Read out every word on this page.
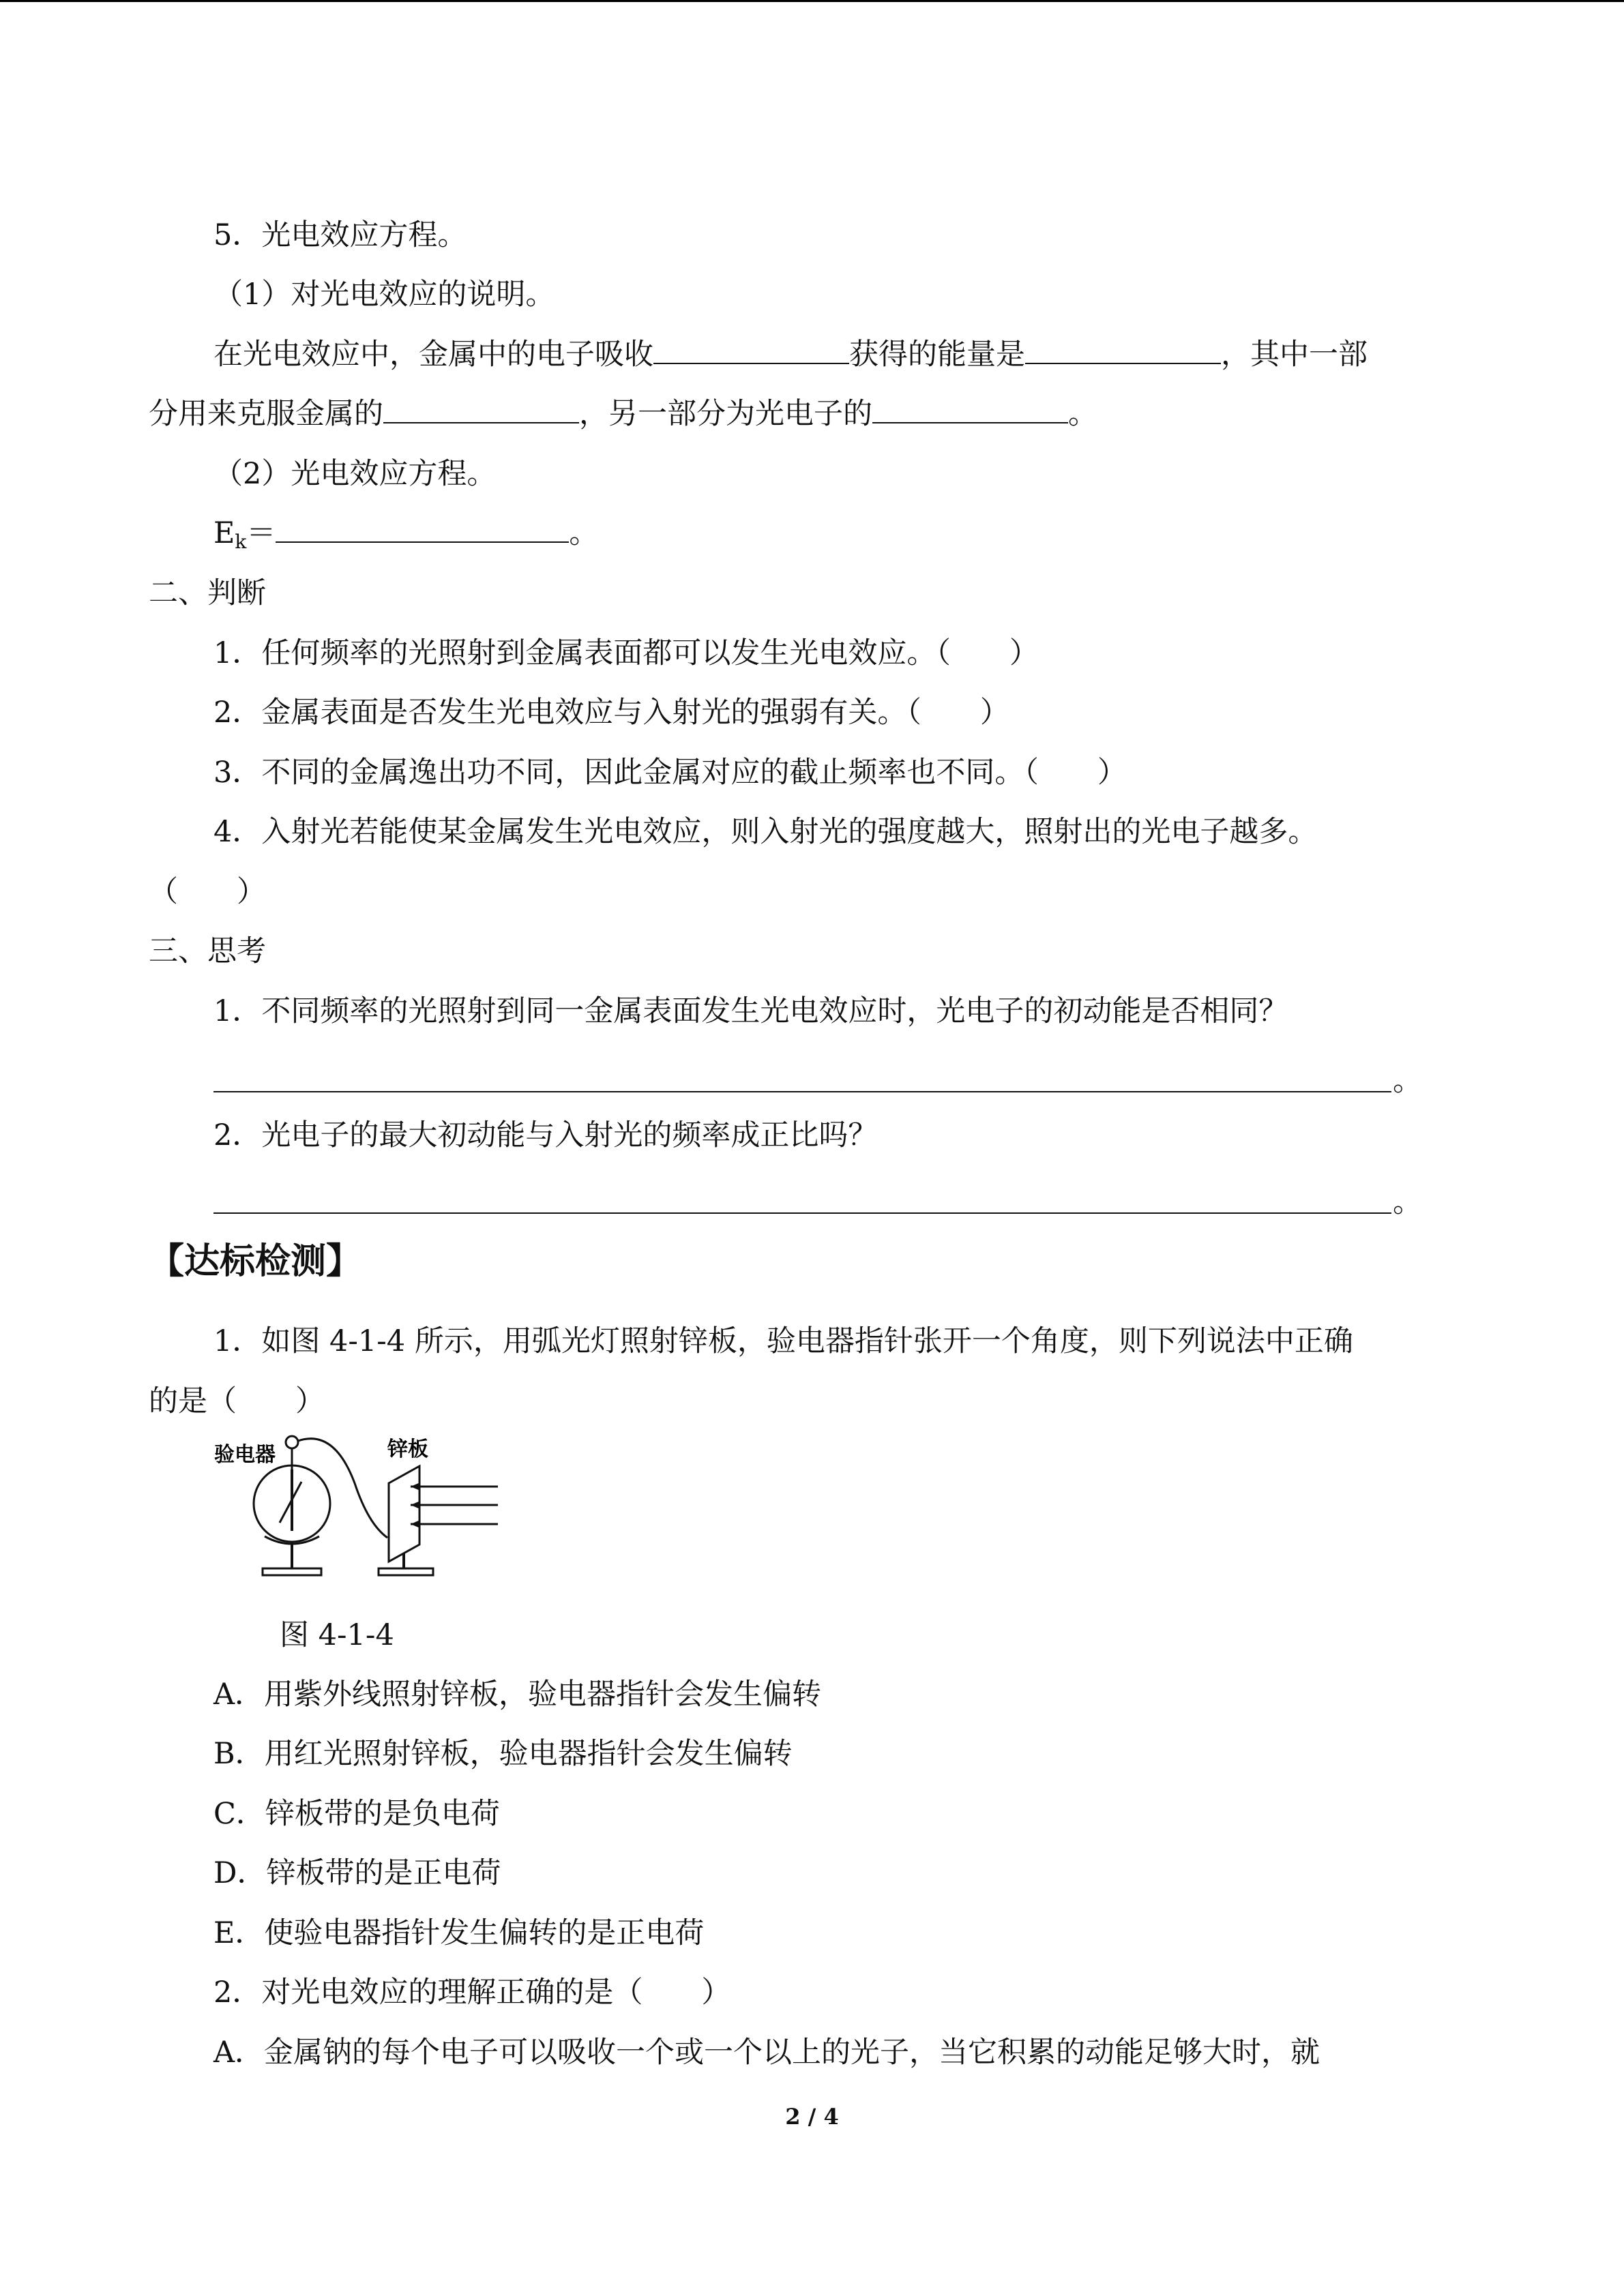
5．光电效应方程。
（1）对光电效应的说明。
在光电效应中，金属中的电子吸收	获得的能量是	，其中一部
分用来克服金属的	，另一部分为光电子的	。
（2）光电效应方程。
Ek＝	。
二、判断
1．任何频率的光照射到金属表面都可以发生光电效应。（　　）
2．金属表面是否发生光电效应与入射光的强弱有关。（　　）
3．不同的金属逸出功不同，因此金属对应的截止频率也不同。（　　）
4．入射光若能使某金属发生光电效应，则入射光的强度越大，照射出的光电子越多。
（　　）
三、思考
1．不同频率的光照射到同一金属表面发生光电效应时，光电子的初动能是否相同？
。
2．光电子的最大初动能与入射光的频率成正比吗？
。
【达标检测】
1．如图 4-1-4 所示，用弧光灯照射锌板，验电器指针张开一个角度，则下列说法中正确
的是（　　）
验电器	锌板
图 4-1-4
A．用紫外线照射锌板，验电器指针会发生偏转
B．用红光照射锌板，验电器指针会发生偏转
C．锌板带的是负电荷
D．锌板带的是正电荷
E．使验电器指针发生偏转的是正电荷
2．对光电效应的理解正确的是（　　）
A．金属钠的每个电子可以吸收一个或一个以上的光子，当它积累的动能足够大时，就
2 / 4
